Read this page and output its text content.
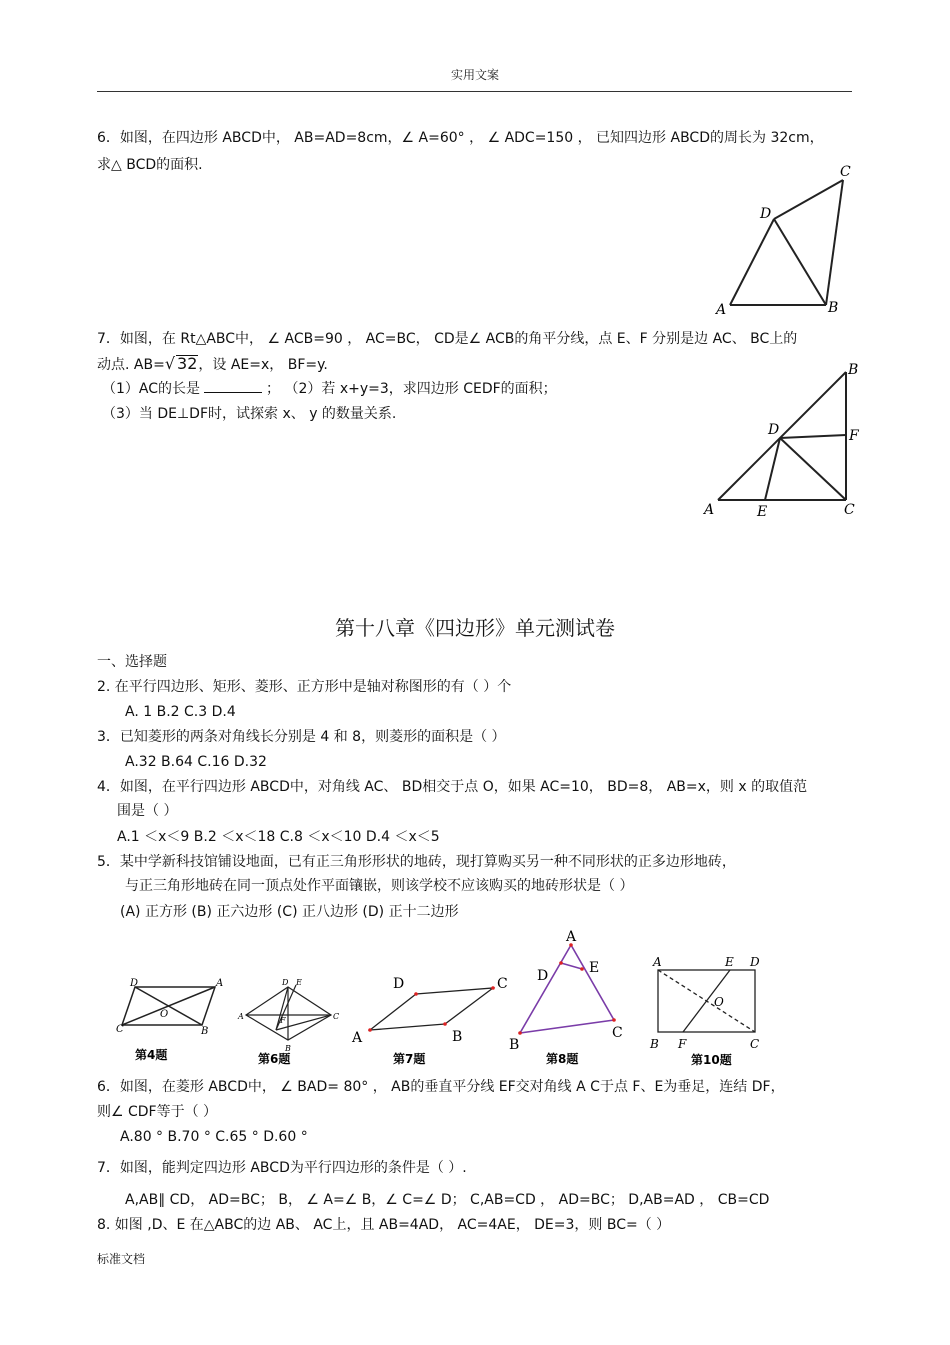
实用文案
6．如图，在四边形 ABCD中， AB=AD=8cm，∠ A=60° ， ∠ ADC=150 ， 已知四边形 ABCD的周长为 32cm，
求△ BCD的面积.	C
D
A	B
7．如图，在 Rt△ABC中， ∠ ACB=90 ， AC=BC， CD是∠ ACB的角平分线，点 E、F 分别是边 AC、 BC上的
动点. AB=√ 32，设 AE=x， BF=y.
（1）AC的长是	； （2）若 x+y=3，求四边形 CEDF的面积；
（3）当 DE⊥DF时，试探索 x、 y 的数量关系.
B
D	F
A	E	C
第十八章《四边形》单元测试卷
一、选择题
2. 在平行四边形、矩形、菱形、正方形中是轴对称图形的有（ ）个
A. 1 B.2 C.3 D.4
3．已知菱形的两条对角线长分别是 4 和 8，则菱形的面积是（ ）
A.32 B.64 C.16 D.32
4．如图，在平行四边形 ABCD中，对角线 AC、 BD相交于点 O，如果 AC=10， BD=8， AB=x，则 x 的取值范
围是（ ）
A.1 ＜x＜9 B.2 ＜x＜18 C.8 ＜x＜10 D.4 ＜x＜5
5．某中学新科技馆铺设地面，已有正三角形形状的地砖，现打算购买另一种不同形状的正多边形地砖，
与正三角形地砖在同一顶点处作平面镶嵌，则该学校不应该购买的地砖形状是（ ）
(A) 正方形 (B) 正六边形 (C) 正八边形 (D) 正十二边形
D	A
O
C	B
第4题
D E
A	F	C
B
第6题
D	C
A	B
第7题
A
D	E
B
C
第8题
A	E D
O
B F	C
第10题
6．如图，在菱形 ABCD中， ∠ BAD= 80° ， AB的垂直平分线 EF交对角线 A C于点 F、E为垂足，连结 DF，
则∠ CDF等于（ ）
A.80 ° B.70 ° C.65 ° D.60 °
7．如图，能判定四边形 ABCD为平行四边形的条件是（ ）.
A,AB∥ CD， AD=BC； B， ∠ A=∠ B，∠ C=∠ D； C,AB=CD ， AD=BC； D,AB=AD ， CB=CD
8. 如图 ,D、E 在△ABC的边 AB、 AC上，且 AB=4AD， AC=4AE， DE=3，则 BC=（ ）
标准文档
